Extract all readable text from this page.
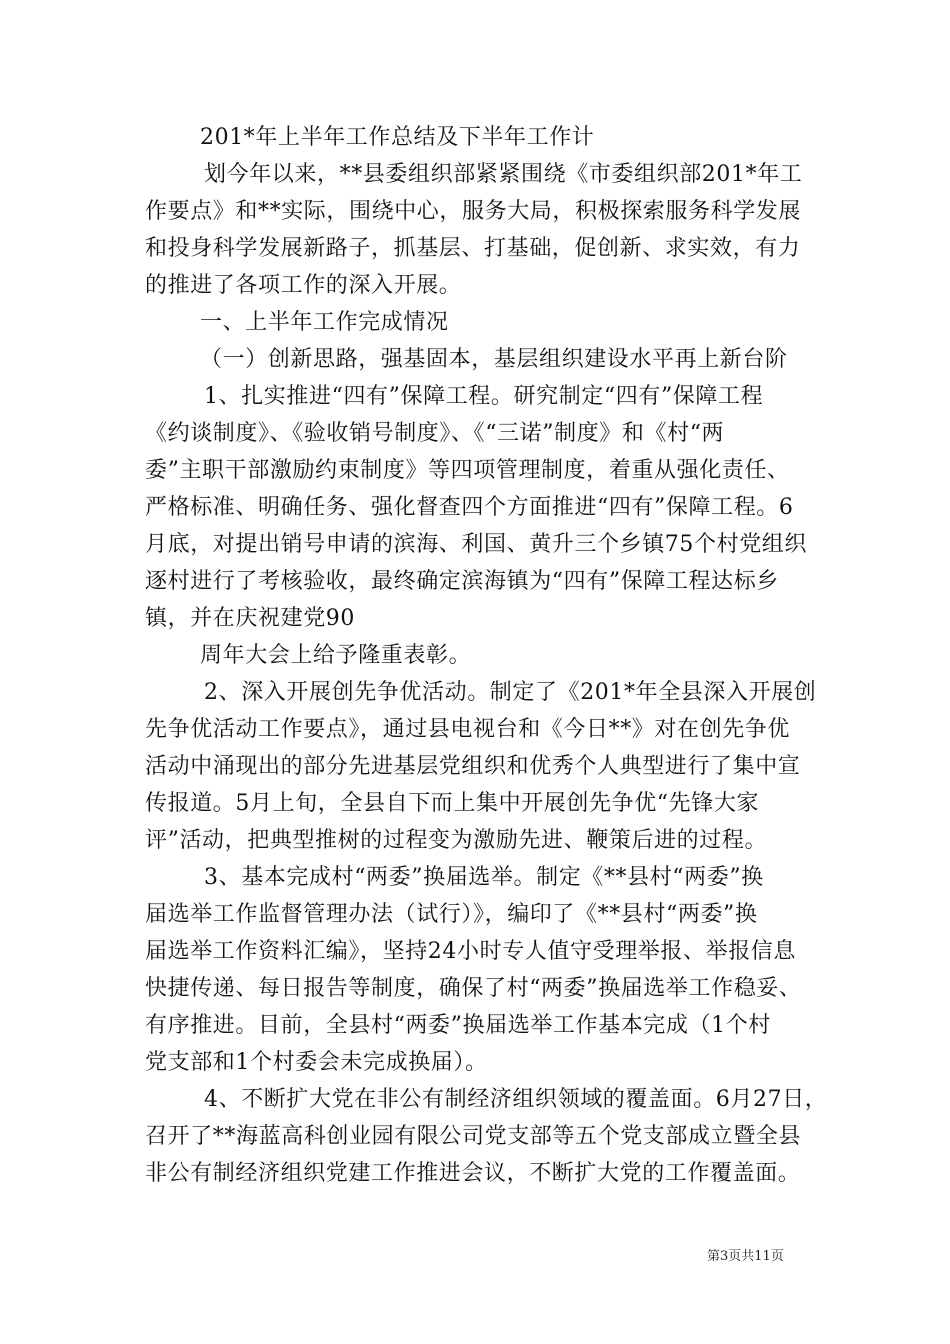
201*年上半年工作总结及下半年工作计
划今年以来，**县委组织部紧紧围绕《市委组织部201*年工
作要点》和**实际，围绕中心，服务大局，积极探索服务科学发展
和投身科学发展新路子，抓基层、打基础，促创新、求实效，有力
的推进了各项工作的深入开展。
一、上半年工作完成情况
（一）创新思路，强基固本，基层组织建设水平再上新台阶
1、扎实推进“四有”保障工程。研究制定“四有”保障工程
《约谈制度》、《验收销号制度》、《“三诺”制度》和《村“两
委”主职干部激励约束制度》等四项管理制度，着重从强化责任、
严格标准、明确任务、强化督查四个方面推进“四有”保障工程。6
月底，对提出销号申请的滨海、利国、黄升三个乡镇75个村党组织
逐村进行了考核验收，最终确定滨海镇为“四有”保障工程达标乡
镇，并在庆祝建党90
周年大会上给予隆重表彰。
2、深入开展创先争优活动。制定了《201*年全县深入开展创
先争优活动工作要点》，通过县电视台和《今日**》对在创先争优
活动中涌现出的部分先进基层党组织和优秀个人典型进行了集中宣
传报道。5月上旬，全县自下而上集中开展创先争优“先锋大家
评”活动，把典型推树的过程变为激励先进、鞭策后进的过程。
3、基本完成村“两委”换届选举。制定《**县村“两委”换
届选举工作监督管理办法（试行）》，编印了《**县村“两委”换
届选举工作资料汇编》，坚持24小时专人值守受理举报、举报信息
快捷传递、每日报告等制度，确保了村“两委”换届选举工作稳妥、
有序推进。目前，全县村“两委”换届选举工作基本完成（1个村
党支部和1个村委会未完成换届）。
4、不断扩大党在非公有制经济组织领域的覆盖面。6月27日，
召开了**海蓝高科创业园有限公司党支部等五个党支部成立暨全县
非公有制经济组织党建工作推进会议，不断扩大党的工作覆盖面。
第3页共11页
